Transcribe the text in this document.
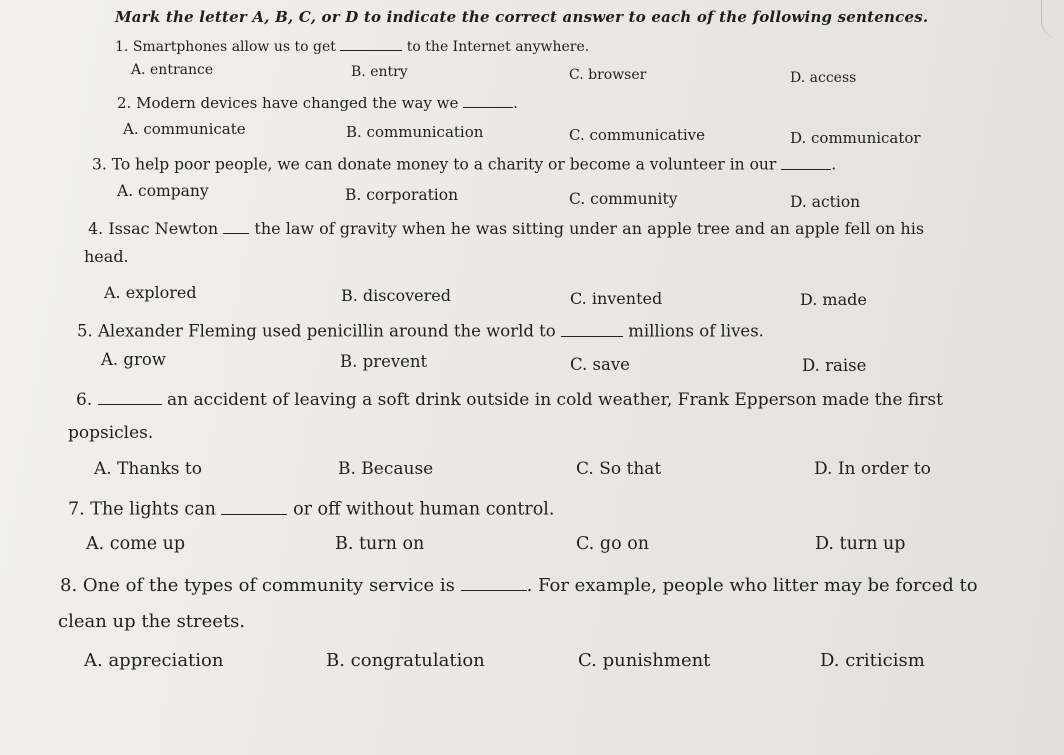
Mark the letter A, B, C, or D to indicate the correct answer to each of the following sentences.
1. Smartphones allow us to get	to the Internet anywhere.
A. entrance	B. entry	C. browser	D. access
2. Modern devices have changed the way we	.
A. communicate	B. communication	C. communicative	D. communicator
3. To help poor people, we can donate money to a charity or become a volunteer in our	.
A. company	B. corporation	C. community	D. action
4. Issac Newton the law of gravity when he was sitting under an apple tree and an apple fell on his
head.
A. explored	B. discovered	C. invented	D. made
5. Alexander Fleming used penicillin around the world to	millions of lives.
A. grow	B. prevent	C. save	D. raise
6.	an accident of leaving a soft drink outside in cold weather, Frank Epperson made the first
popsicles.
A. Thanks to	B. Because	C. So that	D. In order to
7. The lights can	or off without human control.
A. come up	B. turn on	C. go on	D. turn up
8. One of the types of community service is	. For example, people who litter may be forced to
clean up the streets.
A. appreciation	B. congratulation	C. punishment	D. criticism
